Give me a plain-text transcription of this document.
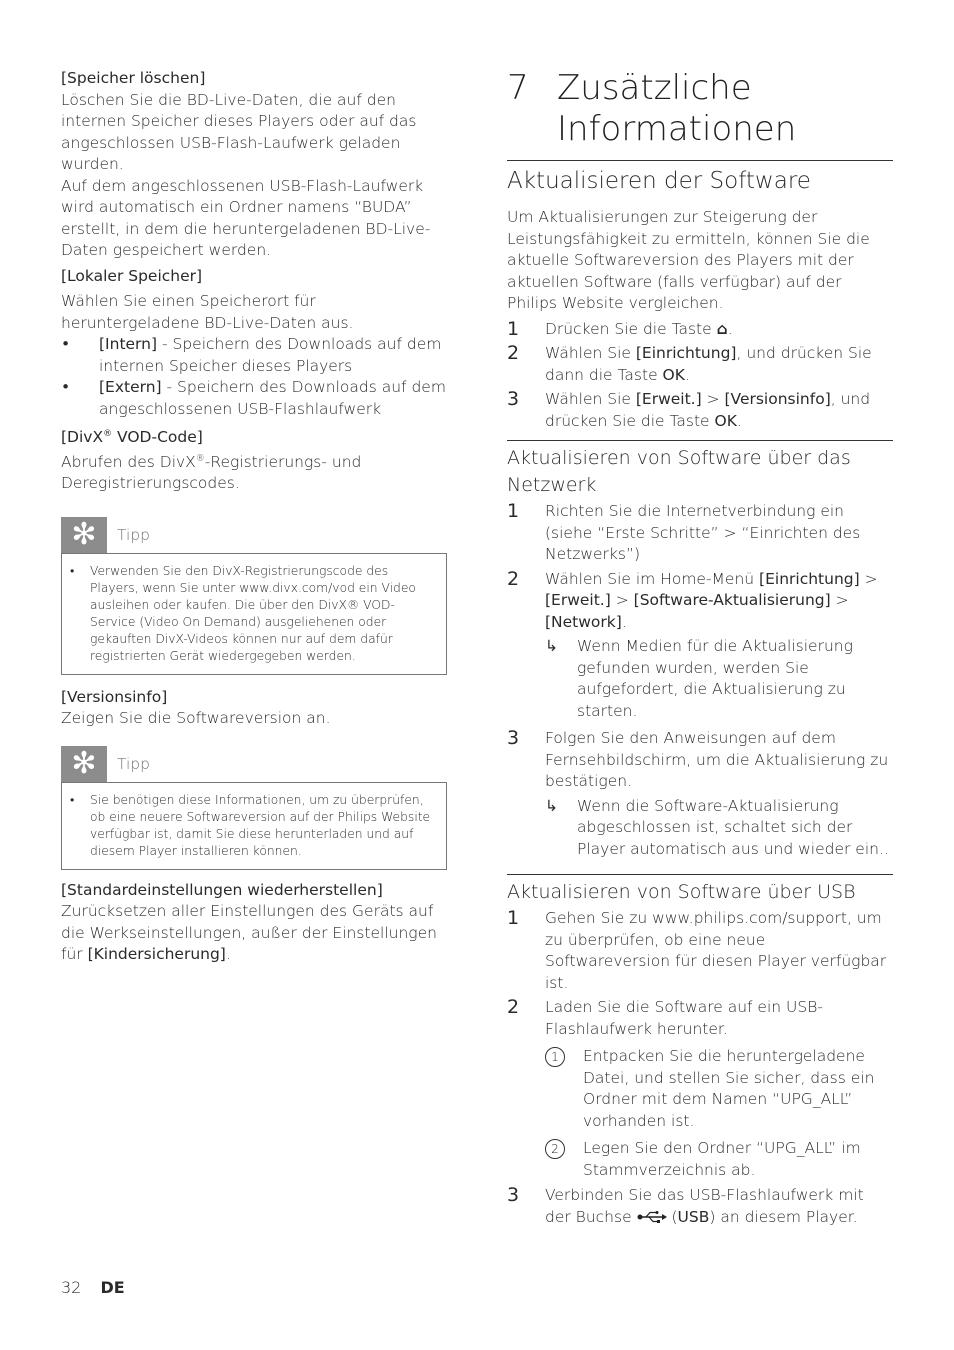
[Speicher löschen]

Löschen Sie die BD-Live-Daten, die auf den internen Speicher dieses Players oder auf das angeschlossen USB-Flash-Laufwerk geladen wurden.

Auf dem angeschlossenen USB-Flash-Laufwerk wird automatisch ein Ordner namens “BUDA” erstellt, in dem die heruntergeladenen BD-Live-Daten gespeichert werden.

[Lokaler Speicher]

Wählen Sie einen Speicherort für heruntergeladene BD-Live-Daten aus.

•	[Intern] - Speichern des Downloads auf dem internen Speicher dieses Players
•	[Extern] - Speichern des Downloads auf dem angeschlossenen USB-Flashlaufwerk

[DivX® VOD-Code]

Abrufen des DivX®-Registrierungs- und Deregistrierungscodes.

✻	Tipp
•	Verwenden Sie den DivX-Registrierungscode des Players, wenn Sie unter www.divx.com/vod ein Video ausleihen oder kaufen. Die über den DivX® VOD-Service (Video On Demand) ausgeliehenen oder gekauften DivX-Videos können nur auf dem dafür registrierten Gerät wiedergegeben werden.

[Versionsinfo]

Zeigen Sie die Softwareversion an.

✻	Tipp
•	Sie benötigen diese Informationen, um zu überprüfen, ob eine neuere Softwareversion auf der Philips Website verfügbar ist, damit Sie diese herunterladen und auf diesem Player installieren können.

[Standardeinstellungen wiederherstellen]

Zurücksetzen aller Einstellungen des Geräts auf die Werkseinstellungen, außer der Einstellungen für [Kindersicherung].

7 Zusätzliche Informationen

Aktualisieren der Software

Um Aktualisierungen zur Steigerung der Leistungsfähigkeit zu ermitteln, können Sie die aktuelle Softwareversion des Players mit der aktuellen Software (falls verfügbar) auf der Philips Website vergleichen.

1	Drücken Sie die Taste ⌂.
2	Wählen Sie [Einrichtung], und drücken Sie dann die Taste OK.
3	Wählen Sie [Erweit.] > [Versionsinfo], und drücken Sie die Taste OK.

Aktualisieren von Software über das Netzwerk

1	Richten Sie die Internetverbindung ein (siehe “Erste Schritte” > “Einrichten des Netzwerks”)
2	Wählen Sie im Home-Menü [Einrichtung] > [Erweit.] > [Software-Aktualisierung] > [Network].
↳	Wenn Medien für die Aktualisierung gefunden wurden, werden Sie aufgefordert, die Aktualisierung zu starten.
3	Folgen Sie den Anweisungen auf dem Fernsehbildschirm, um die Aktualisierung zu bestätigen.
↳	Wenn die Software-Aktualisierung abgeschlossen ist, schaltet sich der Player automatisch aus und wieder ein..

Aktualisieren von Software über USB

1	Gehen Sie zu www.philips.com/support, um zu überprüfen, ob eine neue Softwareversion für diesen Player verfügbar ist.
2	Laden Sie die Software auf ein USB-Flashlaufwerk herunter.
1	Entpacken Sie die heruntergeladene Datei, und stellen Sie sicher, dass ein Ordner mit dem Namen “UPG_ALL” vorhanden ist.
2	Legen Sie den Ordner “UPG_ALL” im Stammverzeichnis ab.
3	Verbinden Sie das USB-Flashlaufwerk mit der Buchse  (USB) an diesem Player.
32 DE
